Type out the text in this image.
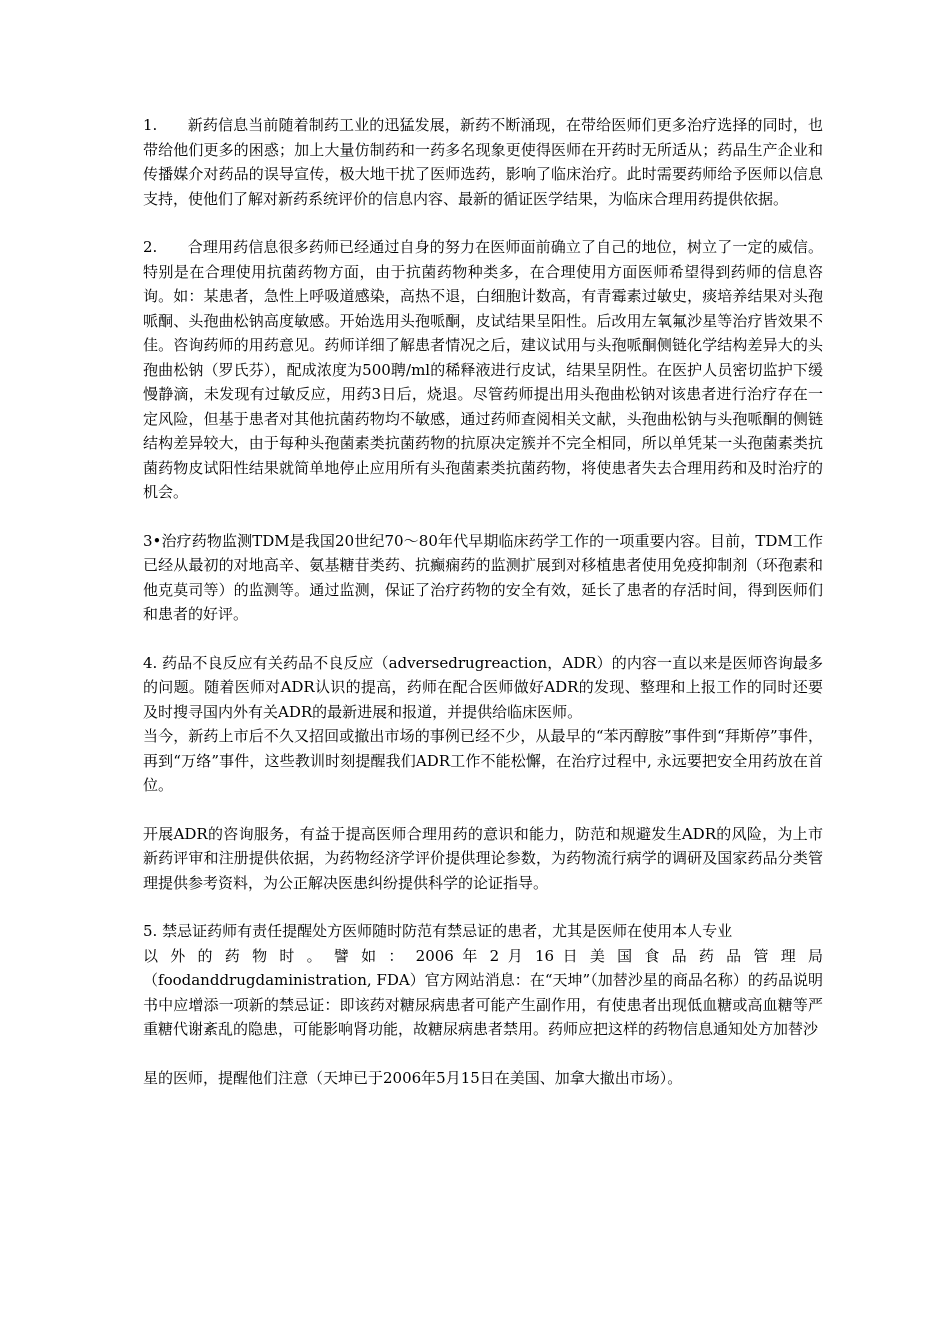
1.　　新药信息当前随着制药工业的迅猛发展，新药不断涌现，在带给医师们更多治疗选择的同时，也带给他们更多的困惑；加上大量仿制药和一药多名现象更使得医师在开药时无所适从；药品生产企业和传播媒介对药品的误导宣传，极大地干扰了医师选药，影响了临床治疗。此时需要药师给予医师以信息支持，使他们了解对新药系统评价的信息内容、最新的循证医学结果，为临床合理用药提供依据。

2.　　合理用药信息很多药师已经通过自身的努力在医师面前确立了自己的地位，树立了一定的威信。特别是在合理使用抗菌药物方面，由于抗菌药物种类多，在合理使用方面医师希望得到药师的信息咨询。如：某患者，急性上呼吸道感染，高热不退，白细胞计数高，有青霉素过敏史，痰培养结果对头孢哌酮、头孢曲松钠高度敏感。开始选用头孢哌酮，皮试结果呈阳性。后改用左氧氟沙星等治疗皆效果不佳。咨询药师的用药意见。药师详细了解患者情况之后，建议试用与头孢哌酮侧链化学结构差异大的头孢曲松钠（罗氏芬），配成浓度为500聘/ml的稀释液进行皮试，结果呈阴性。在医护人员密切监护下缓慢静滴，未发现有过敏反应，用药3日后，烧退。尽管药师提出用头孢曲松钠对该患者进行治疗存在一定风险，但基于患者对其他抗菌药物均不敏感，通过药师查阅相关文献，头孢曲松钠与头孢哌酮的侧链结构差异较大，由于每种头孢菌素类抗菌药物的抗原决定簇并不完全相同，所以单凭某一头孢菌素类抗菌药物皮试阳性结果就简单地停止应用所有头孢菌素类抗菌药物，将使患者失去合理用药和及时治疗的机会。

3•治疗药物监测TDM是我国20世纪70〜80年代早期临床药学工作的一项重要内容。目前，TDM工作已经从最初的对地高辛、氨基糖苷类药、抗癫痫药的监测扩展到对移植患者使用免疫抑制剂（环孢素和他克莫司等）的监测等。通过监测，保证了治疗药物的安全有效，延长了患者的存活时间，得到医师们和患者的好评。

4. 药品不良反应有关药品不良反应（adversedrugreaction，ADR）的内容一直以来是医师咨询最多的问题。随着医师对ADR认识的提高，药师在配合医师做好ADR的发现、整理和上报工作的同时还要及时搜寻国内外有关ADR的最新进展和报道，并提供给临床医师。

当今，新药上市后不久又招回或撤出市场的事例已经不少，从最早的“苯丙醇胺”事件到“拜斯停”事件，再到“万络”事件，这些教训时刻提醒我们ADR工作不能松懈，在治疗过程中, 永远要把安全用药放在首位。

开展ADR的咨询服务，有益于提高医师合理用药的意识和能力，防范和规避发生ADR的风险，为上市新药评审和注册提供依据，为药物经济学评价提供理论参数，为药物流行病学的调研及国家药品分类管理提供参考资料，为公正解决医患纠纷提供科学的论证指导。

5. 禁忌证药师有责任提醒处方医师随时防范有禁忌证的患者，尤其是医师在使用本人专业

以 外 的 药 物 时 。 譬 如 ： 2006 年 2 月 16 日 美 国 食 品 药 品 管 理 局

（foodanddrugdaministration, FDA）官方网站消息：在“天坤”（加替沙星的商品名称）的药品说明书中应增添一项新的禁忌证：即该药对糖尿病患者可能产生副作用，有使患者出现低血糖或高血糖等严重糖代谢紊乱的隐患，可能影响肾功能，故糖尿病患者禁用。药师应把这样的药物信息通知处方加替沙

星的医师，提醒他们注意（天坤已于2006年5月15日在美国、加拿大撤出市场）。
